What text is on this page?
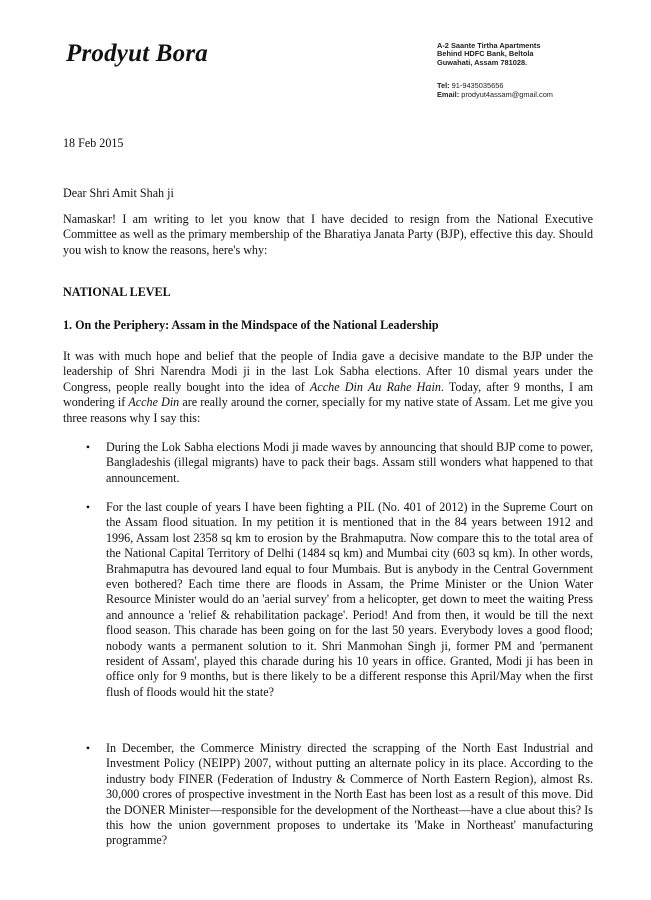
Prodyut Bora	A-2 Saante Tirtha Apartments
Behind HDFC Bank, Beltola
Guwahati, Assam 781028.
Tel: 91-9435035656
Email: prodyut4assam@gmail.com

18 Feb 2015

Dear Shri Amit Shah ji

Namaskar! I am writing to let you know that I have decided to resign from the National Executive Committee as well as the primary membership of the Bharatiya Janata Party (BJP), effective this day. Should you wish to know the reasons, here's why:

NATIONAL LEVEL

1. On the Periphery: Assam in the Mindspace of the National Leadership

It was with much hope and belief that the people of India gave a decisive mandate to the BJP under the leadership of Shri Narendra Modi ji in the last Lok Sabha elections. After 10 dismal years under the Congress, people really bought into the idea of Acche Din Au Rahe Hain. Today, after 9 months, I am wondering if Acche Din are really around the corner, specially for my native state of Assam. Let me give you three reasons why I say this:

• During the Lok Sabha elections Modi ji made waves by announcing that should BJP come to power, Bangladeshis (illegal migrants) have to pack their bags. Assam still wonders what happened to that announcement.
• For the last couple of years I have been fighting a PIL (No. 401 of 2012) in the Supreme Court on the Assam flood situation. In my petition it is mentioned that in the 84 years between 1912 and 1996, Assam lost 2358 sq km to erosion by the Brahmaputra. Now compare this to the total area of the National Capital Territory of Delhi (1484 sq km) and Mumbai city (603 sq km). In other words, Brahmaputra has devoured land equal to four Mumbais. But is anybody in the Central Government even bothered? Each time there are floods in Assam, the Prime Minister or the Union Water Resource Minister would do an 'aerial survey' from a helicopter, get down to meet the waiting Press and announce a 'relief & rehabilitation package'. Period! And from then, it would be till the next flood season. This charade has been going on for the last 50 years. Everybody loves a good flood; nobody wants a permanent solution to it. Shri Manmohan Singh ji, former PM and 'permanent resident of Assam', played this charade during his 10 years in office. Granted, Modi ji has been in office only for 9 months, but is there likely to be a different response this April/May when the first flush of floods would hit the state?
• In December, the Commerce Ministry directed the scrapping of the North East Industrial and Investment Policy (NEIPP) 2007, without putting an alternate policy in its place. According to the industry body FINER (Federation of Industry & Commerce of North Eastern Region), almost Rs. 30,000 crores of prospective investment in the North East has been lost as a result of this move. Did the DONER Minister—responsible for the development of the Northeast—have a clue about this? Is this how the union government proposes to undertake its 'Make in Northeast' manufacturing programme?
